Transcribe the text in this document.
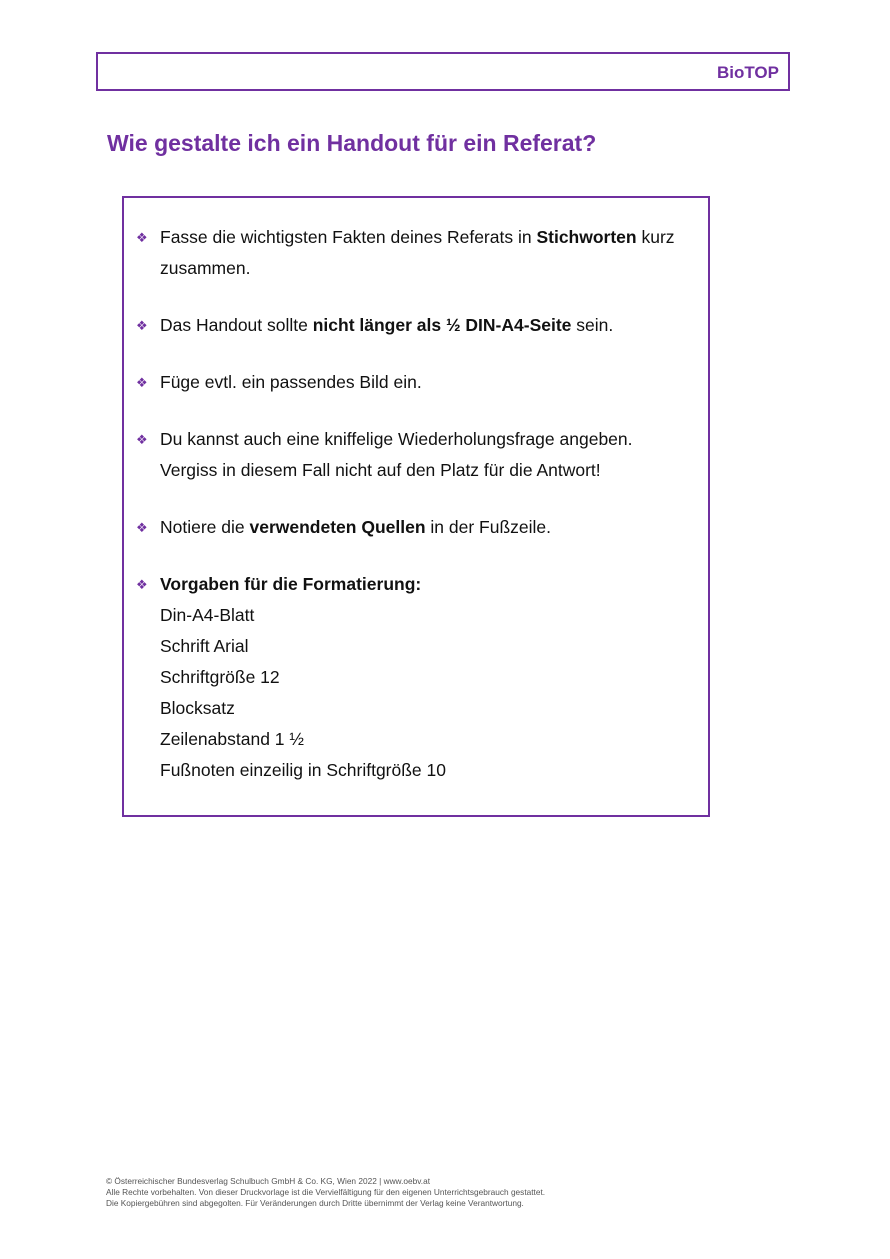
BioTOP
Wie gestalte ich ein Handout für ein Referat?
❖ Fasse die wichtigsten Fakten deines Referats in Stichworten kurz
zusammen.
❖ Das Handout sollte nicht länger als ½ DIN-A4-Seite sein.
❖ Füge evtl. ein passendes Bild ein.
❖ Du kannst auch eine kniffelige Wiederholungsfrage angeben.
Vergiss in diesem Fall nicht auf den Platz für die Antwort!
❖ Notiere die verwendeten Quellen in der Fußzeile.
❖ Vorgaben für die Formatierung:
Din-A4-Blatt
Schrift Arial
Schriftgröße 12
Blocksatz
Zeilenabstand 1 ½
Fußnoten einzeilig in Schriftgröße 10
© Österreichischer Bundesverlag Schulbuch GmbH & Co. KG, Wien 2022 | www.oebv.at
Alle Rechte vorbehalten. Von dieser Druckvorlage ist die Vervielfältigung für den eigenen Unterrichtsgebrauch gestattet.
Die Kopiergebühren sind abgegolten. Für Veränderungen durch Dritte übernimmt der Verlag keine Verantwortung.
